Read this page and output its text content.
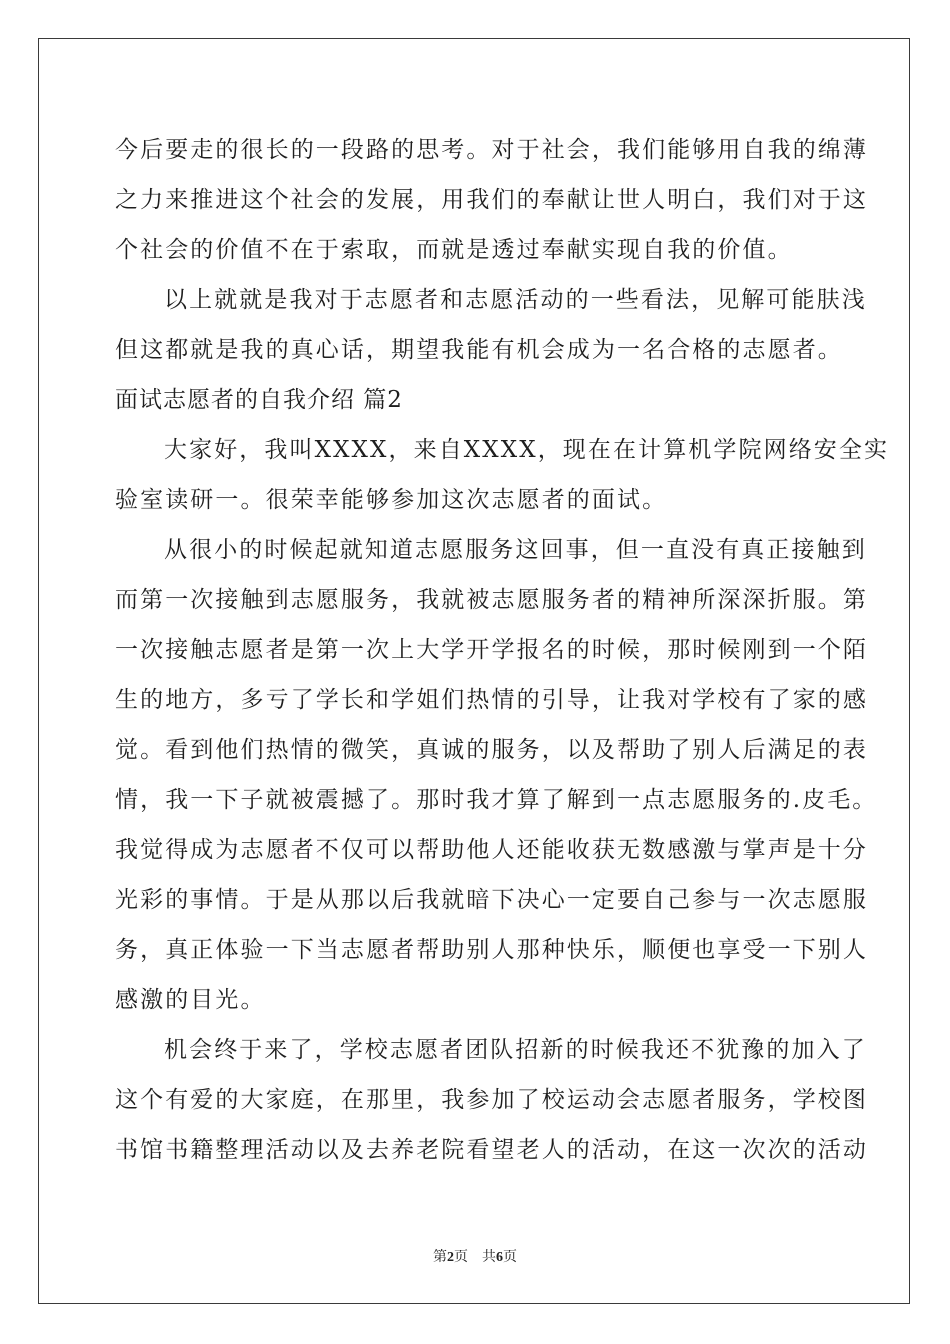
今后要走的很长的一段路的思考。对于社会，我们能够用自我的绵薄
之力来推进这个社会的发展，用我们的奉献让世人明白，我们对于这
个社会的价值不在于索取，而就是透过奉献实现自我的价值。
以上就就是我对于志愿者和志愿活动的一些看法，见解可能肤浅
但这都就是我的真心话，期望我能有机会成为一名合格的志愿者。
面试志愿者的自我介绍 篇2
大家好，我叫XXXX，来自XXXX，现在在计算机学院网络安全实
验室读研一。很荣幸能够参加这次志愿者的面试。
从很小的时候起就知道志愿服务这回事，但一直没有真正接触到
而第一次接触到志愿服务，我就被志愿服务者的精神所深深折服。第
一次接触志愿者是第一次上大学开学报名的时候，那时候刚到一个陌
生的地方，多亏了学长和学姐们热情的引导，让我对学校有了家的感
觉。看到他们热情的微笑，真诚的服务，以及帮助了别人后满足的表
情，我一下子就被震撼了。那时我才算了解到一点志愿服务的.皮毛。
我觉得成为志愿者不仅可以帮助他人还能收获无数感激与掌声是十分
光彩的事情。于是从那以后我就暗下决心一定要自己参与一次志愿服
务，真正体验一下当志愿者帮助别人那种快乐，顺便也享受一下别人
感激的目光。
机会终于来了，学校志愿者团队招新的时候我还不犹豫的加入了
这个有爱的大家庭，在那里，我参加了校运动会志愿者服务，学校图
书馆书籍整理活动以及去养老院看望老人的活动，在这一次次的活动
第2页 共6页
